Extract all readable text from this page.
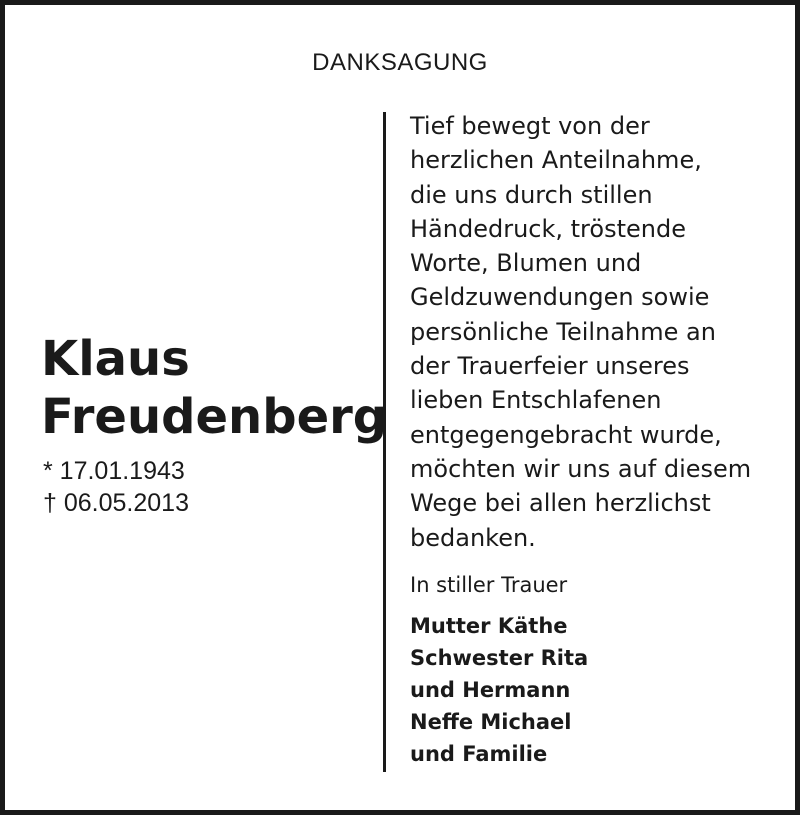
DANKSAGUNG
Klaus
Freudenberg
* 17.01.1943
† 06.05.2013
Tief bewegt von der
herzlichen Anteilnahme,
die uns durch stillen
Händedruck, tröstende
Worte, Blumen und
Geldzuwendungen sowie
persönliche Teilnahme an
der Trauerfeier unseres
lieben Entschlafenen
entgegengebracht wurde,
möchten wir uns auf diesem
Wege bei allen herzlichst
bedanken.
In stiller Trauer
Mutter Käthe
Schwester Rita
und Hermann
Neffe Michael
und Familie
